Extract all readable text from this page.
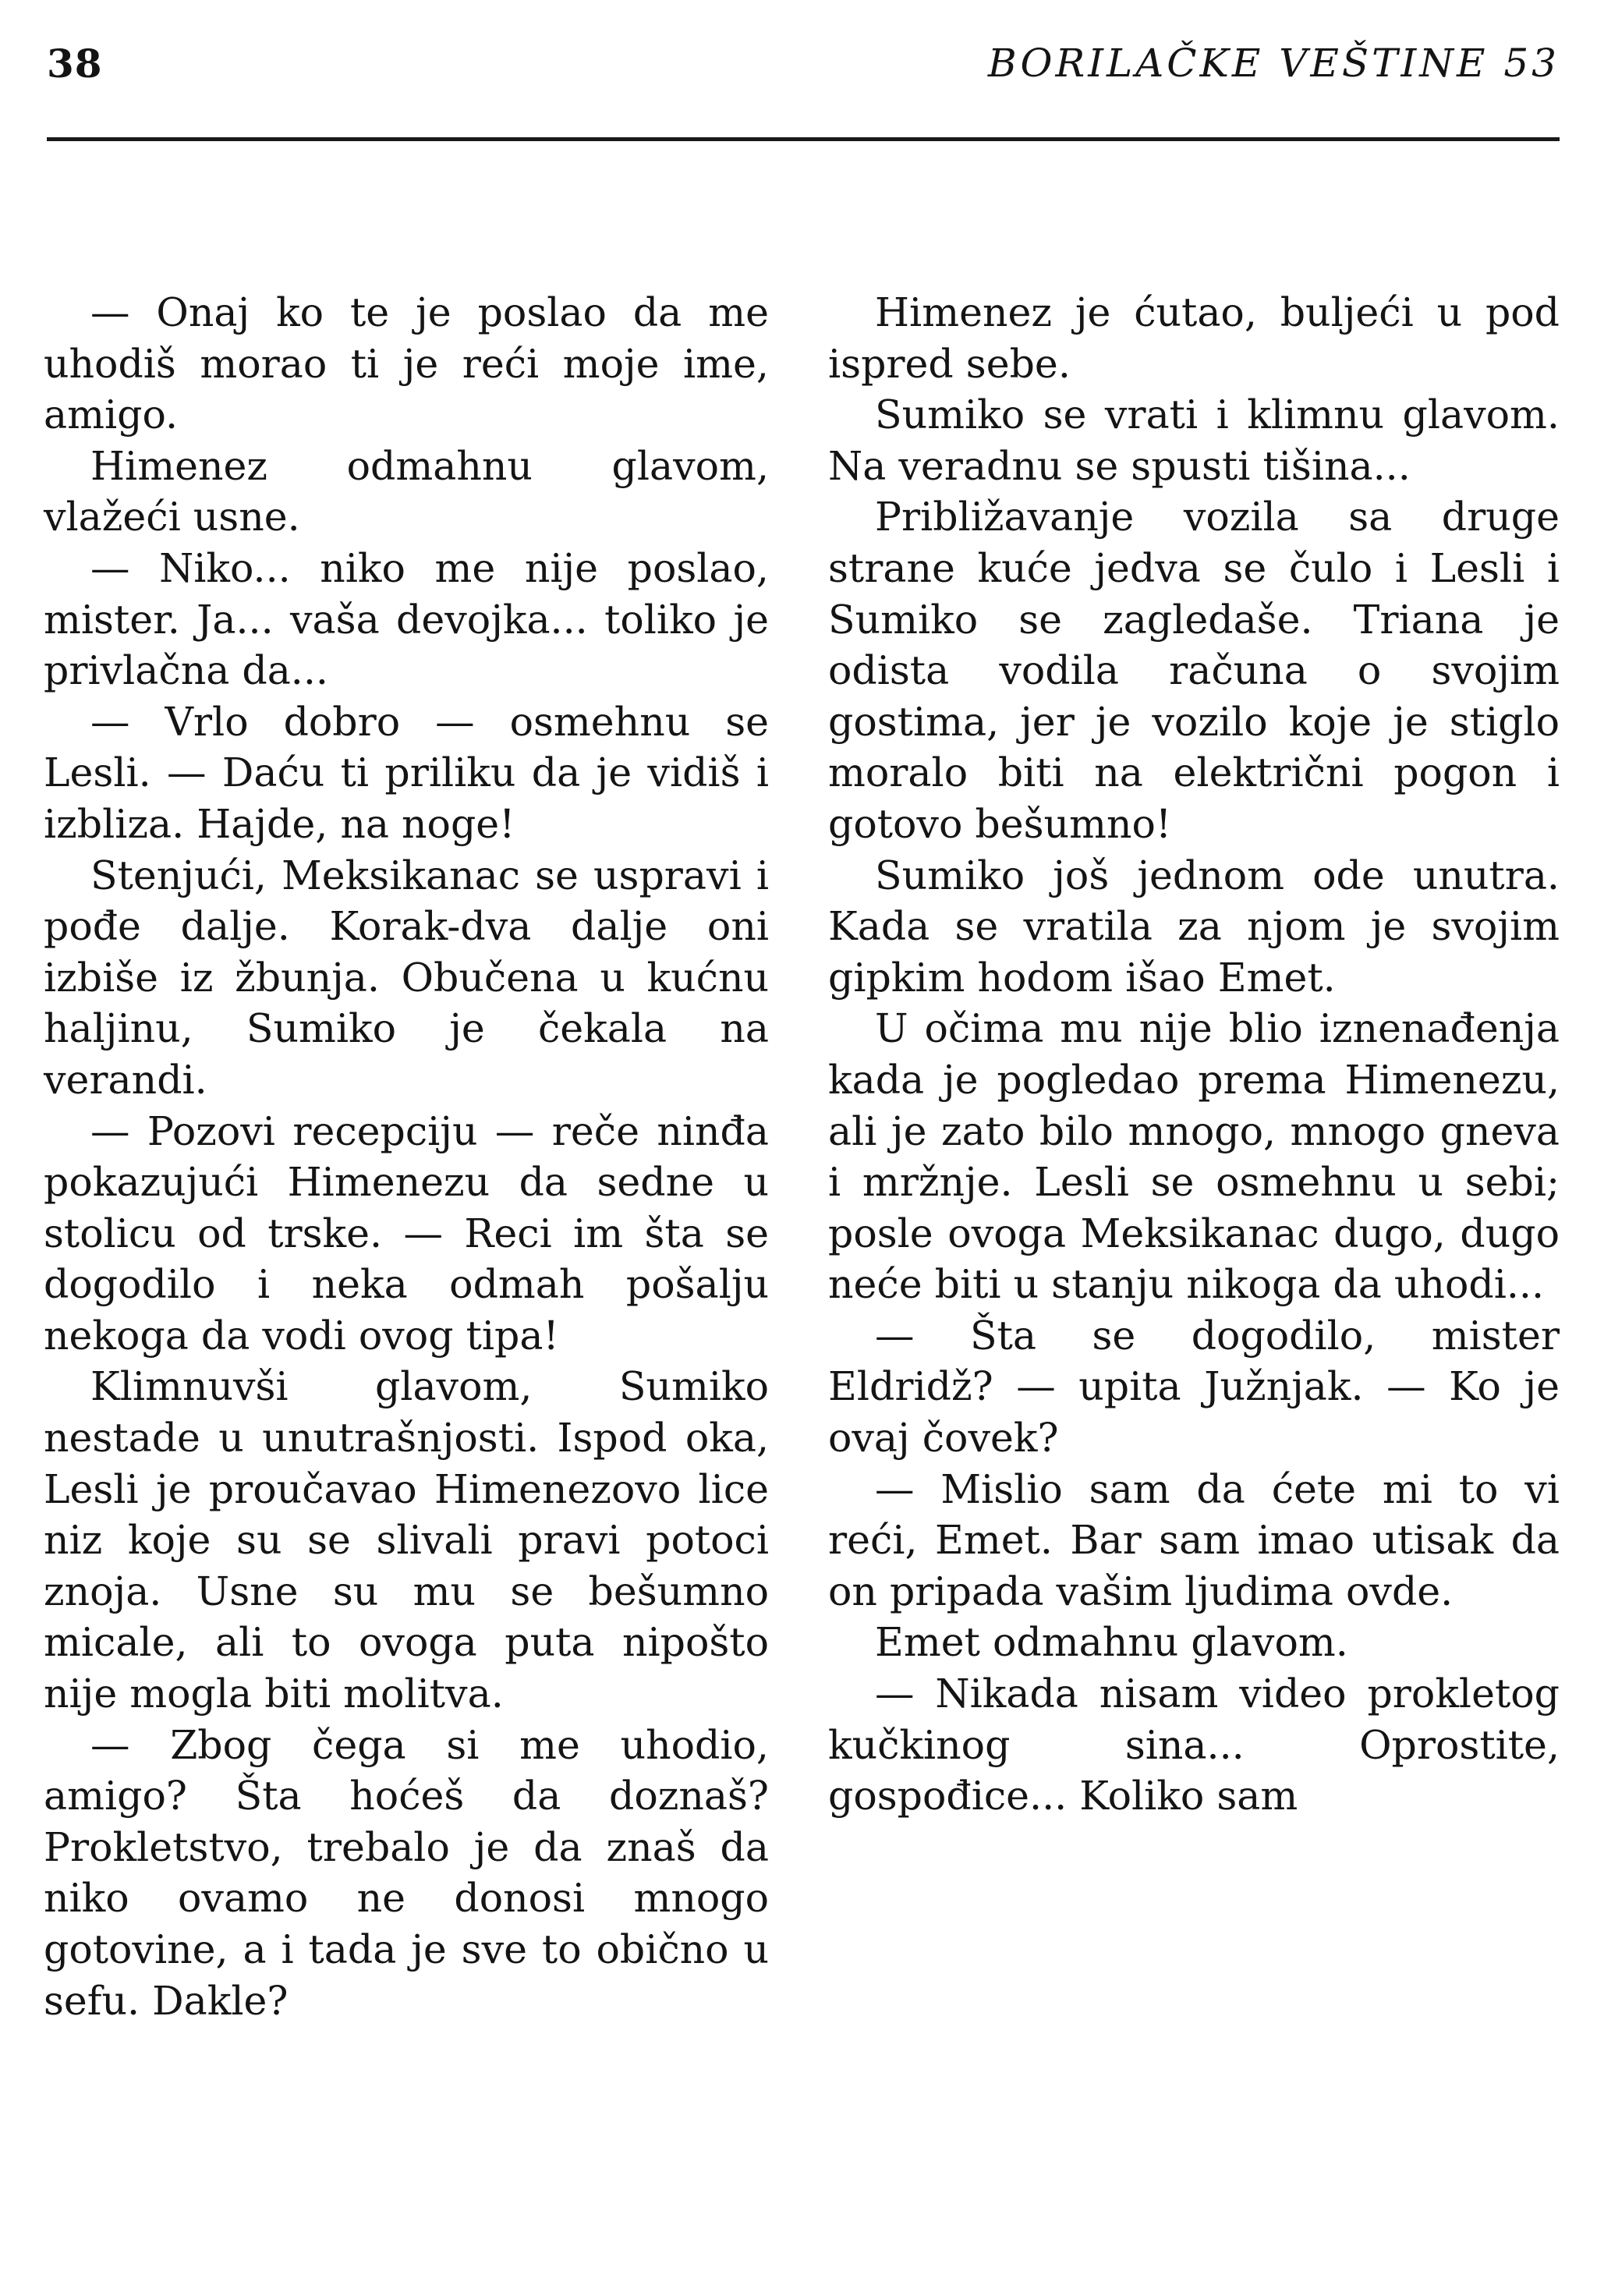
38	BORILAČKE VEŠTINE 53

— Onaj ko te je poslao da me uhodiš morao ti je reći moje ime, amigo.

Himenez odmahnu glavom, vlažeći usne.

— Niko... niko me nije poslao, mister. Ja... vaša devojka... toliko je privlačna da...

— Vrlo dobro — osmehnu se Lesli. — Daću ti priliku da je vidiš i izbliza. Hajde, na noge!

Stenjući, Meksikanac se uspravi i pođe dalje. Korak-dva dalje oni izbiše iz žbunja. Obučena u kućnu haljinu, Sumiko je čekala na verandi.

— Pozovi recepciju — reče ninđa pokazujući Himenezu da sedne u stolicu od trske. — Reci im šta se dogodilo i neka odmah pošalju nekoga da vodi ovog tipa!

Klimnuvši glavom, Sumiko nestade u unutrašnjosti. Ispod oka, Lesli je proučavao Himenezovo lice niz koje su se slivali pravi potoci znoja. Usne su mu se bešumno micale, ali to ovoga puta nipošto nije mogla biti molitva.

— Zbog čega si me uhodio, amigo? Šta hoćeš da doznaš? Prokletstvo, trebalo je da znaš da niko ovamo ne donosi mnogo gotovine, a i tada je sve to obično u sefu. Dakle?

Himenez je ćutao, buljeći u pod ispred sebe.

Sumiko se vrati i klimnu glavom. Na veradnu se spusti tišina...

Približavanje vozila sa druge strane kuće jedva se čulo i Lesli i Sumiko se zagledaše. Triana je odista vodila računa o svojim gostima, jer je vozilo koje je stiglo moralo biti na električni pogon i gotovo bešumno!

Sumiko još jednom ode unutra. Kada se vratila za njom je svojim gipkim hodom išao Emet.

U očima mu nije blio iznenađenja kada je pogledao prema Himenezu, ali je zato bilo mnogo, mnogo gneva i mržnje. Lesli se osmehnu u sebi; posle ovoga Meksikanac dugo, dugo neće biti u stanju nikoga da uhodi...

— Šta se dogodilo, mister Eldridž? — upita Južnjak. — Ko je ovaj čovek?

— Mislio sam da ćete mi to vi reći, Emet. Bar sam imao utisak da on pripada vašim ljudima ovde.

Emet odmahnu glavom.

— Nikada nisam video prokletog kučkinog sina... Oprostite, gospođice... Koliko sam
